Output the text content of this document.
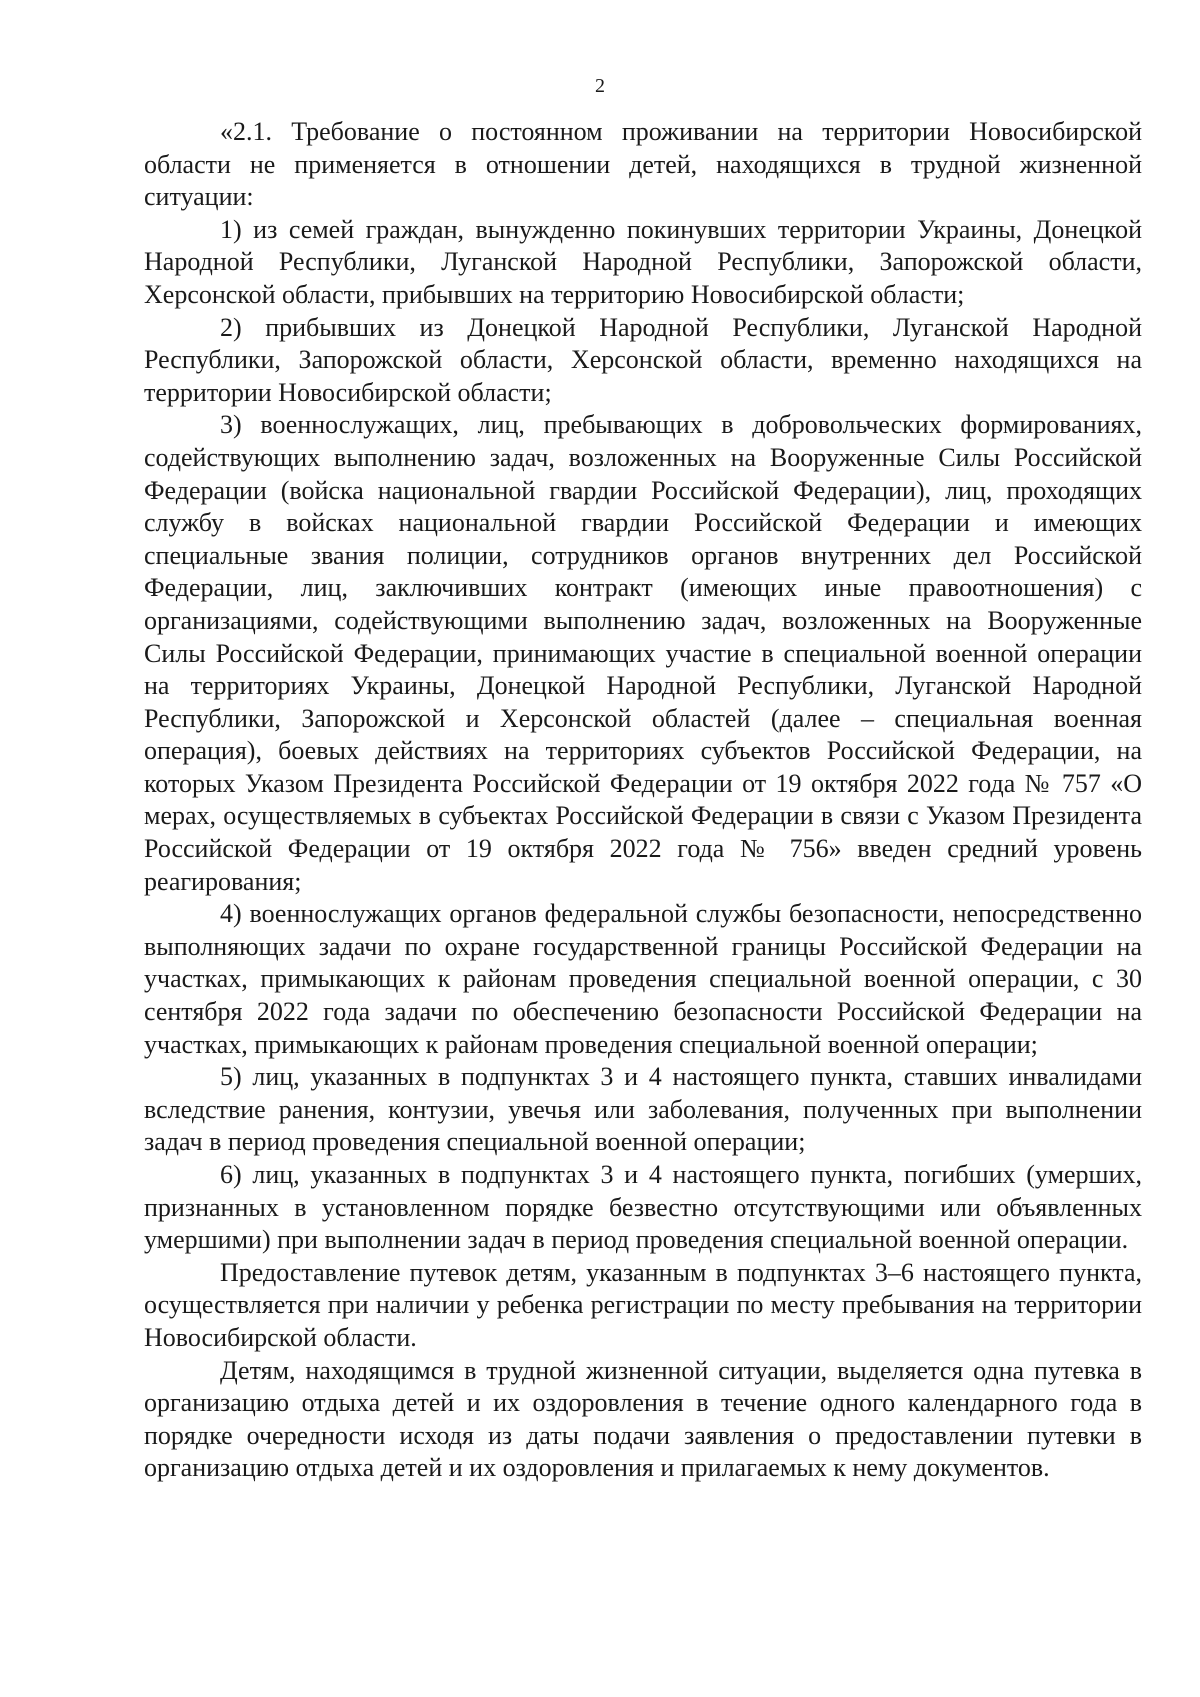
2

«2.1. Требование о постоянном проживании на территории Новосибирской области не применяется в отношении детей, находящихся в трудной жизненной ситуации:

1) из семей граждан, вынужденно покинувших территории Украины, Донецкой Народной Республики, Луганской Народной Республики, Запорожской области, Херсонской области, прибывших на территорию Новосибирской области;

2) прибывших из Донецкой Народной Республики, Луганской Народной Республики, Запорожской области, Херсонской области, временно находящихся на территории Новосибирской области;

3) военнослужащих, лиц, пребывающих в добровольческих формированиях, содействующих выполнению задач, возложенных на Вооруженные Силы Российской Федерации (войска национальной гвардии Российской Федерации), лиц, проходящих службу в войсках национальной гвардии Российской Федерации и имеющих специальные звания полиции, сотрудников органов внутренних дел Российской Федерации, лиц, заключивших контракт (имеющих иные правоотношения) с организациями, содействующими выполнению задач, возложенных на Вооруженные Силы Российской Федерации, принимающих участие в специальной военной операции на территориях Украины, Донецкой Народной Республики, Луганской Народной Республики, Запорожской и Херсонской областей (далее – специальная военная операция), боевых действиях на территориях субъектов Российской Федерации, на которых Указом Президента Российской Федерации от 19 октября 2022 года № 757 «О мерах, осуществляемых в субъектах Российской Федерации в связи с Указом Президента Российской Федерации от 19 октября 2022 года № 756» введен средний уровень реагирования;

4) военнослужащих органов федеральной службы безопасности, непосредственно выполняющих задачи по охране государственной границы Российской Федерации на участках, примыкающих к районам проведения специальной военной операции, с 30 сентября 2022 года задачи по обеспечению безопасности Российской Федерации на участках, примыкающих к районам проведения специальной военной операции;

5) лиц, указанных в подпунктах 3 и 4 настоящего пункта, ставших инвалидами вследствие ранения, контузии, увечья или заболевания, полученных при выполнении задач в период проведения специальной военной операции;

6) лиц, указанных в подпунктах 3 и 4 настоящего пункта, погибших (умерших, признанных в установленном порядке безвестно отсутствующими или объявленных умершими) при выполнении задач в период проведения специальной военной операции.

Предоставление путевок детям, указанным в подпунктах 3–6 настоящего пункта, осуществляется при наличии у ребенка регистрации по месту пребывания на территории Новосибирской области.

Детям, находящимся в трудной жизненной ситуации, выделяется одна путевка в организацию отдыха детей и их оздоровления в течение одного календарного года в порядке очередности исходя из даты подачи заявления о предоставлении путевки в организацию отдыха детей и их оздоровления и прилагаемых к нему документов.
